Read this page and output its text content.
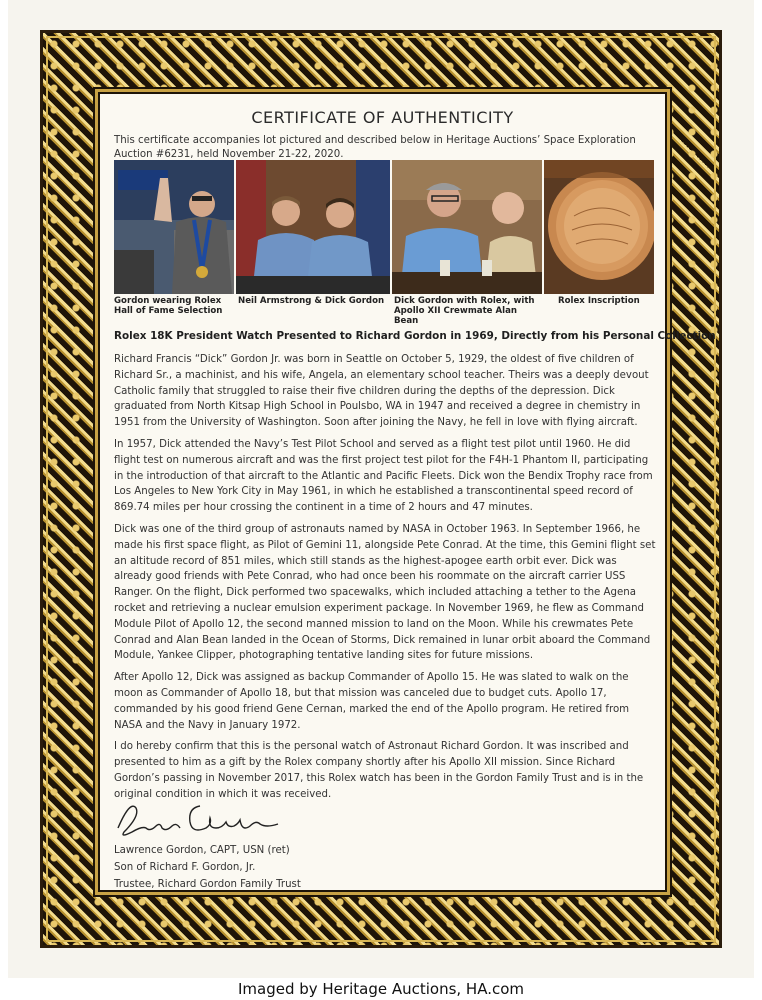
CERTIFICATE OF AUTHENTICITY
This certificate accompanies lot pictured and described below in Heritage Auctions’ Space Exploration Auction #6231, held November 21-22, 2020.
Gordon wearing Rolex Hall of Fame Selection
Neil Armstrong & Dick Gordon	Dick Gordon with Rolex, with Apollo XII Crewmate Alan Bean
Rolex Inscription
Rolex 18K President Watch Presented to Richard Gordon in 1969, Directly from his Personal Collection

Richard Francis “Dick” Gordon Jr. was born in Seattle on October 5, 1929, the oldest of five children of Richard Sr., a machinist, and his wife, Angela, an elementary school teacher. Theirs was a deeply devout Catholic family that struggled to raise their five children during the depths of the depression. Dick graduated from North Kitsap High School in Poulsbo, WA in 1947 and received a degree in chemistry in 1951 from the University of Washington. Soon after joining the Navy, he fell in love with flying aircraft.

In 1957, Dick attended the Navy’s Test Pilot School and served as a flight test pilot until 1960. He did flight test on numerous aircraft and was the first project test pilot for the F4H-1 Phantom II, participating in the introduction of that aircraft to the Atlantic and Pacific Fleets. Dick won the Bendix Trophy race from Los Angeles to New York City in May 1961, in which he established a transcontinental speed record of 869.74 miles per hour crossing the continent in a time of 2 hours and 47 minutes.

Dick was one of the third group of astronauts named by NASA in October 1963. In September 1966, he made his first space flight, as Pilot of Gemini 11, alongside Pete Conrad. At the time, this Gemini flight set an altitude record of 851 miles, which still stands as the highest-apogee earth orbit ever. Dick was already good friends with Pete Conrad, who had once been his roommate on the aircraft carrier USS Ranger. On the flight, Dick performed two spacewalks, which included attaching a tether to the Agena rocket and retrieving a nuclear emulsion experiment package. In November 1969, he flew as Command Module Pilot of Apollo 12, the second manned mission to land on the Moon. While his crewmates Pete Conrad and Alan Bean landed in the Ocean of Storms, Dick remained in lunar orbit aboard the Command Module, Yankee Clipper, photographing tentative landing sites for future missions.

After Apollo 12, Dick was assigned as backup Commander of Apollo 15. He was slated to walk on the moon as Commander of Apollo 18, but that mission was canceled due to budget cuts. Apollo 17, commanded by his good friend Gene Cernan, marked the end of the Apollo program. He retired from NASA and the Navy in January 1972.

I do hereby confirm that this is the personal watch of Astronaut Richard Gordon. It was inscribed and presented to him as a gift by the Rolex company shortly after his Apollo XII mission. Since Richard Gordon’s passing in November 2017, this Rolex watch has been in the Gordon Family Trust and is in the original condition in which it was received.

Lawrence Gordon, CAPT, USN (ret)
Son of Richard F. Gordon, Jr.
Trustee, Richard Gordon Family Trust
Imaged by Heritage Auctions, HA.com
